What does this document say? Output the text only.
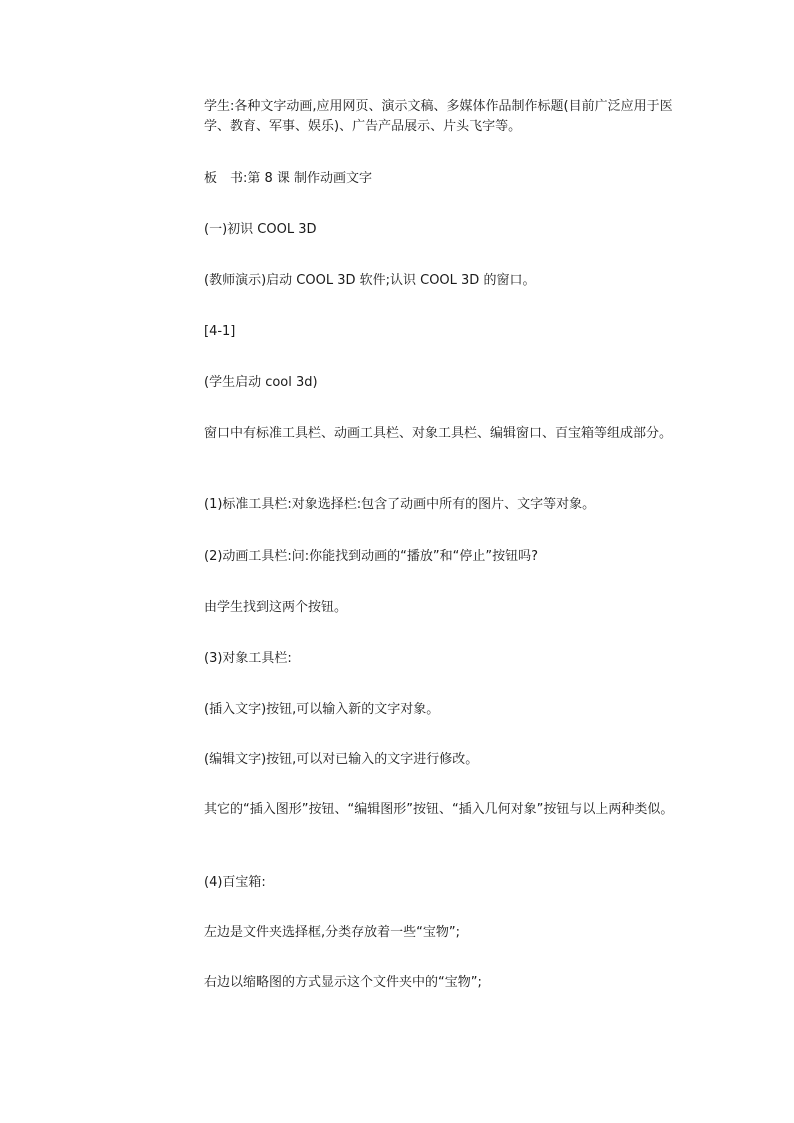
学生:各种文字动画,应用网页、演示文稿、多媒体作品制作标题(目前广泛应用于医学、教育、军事、娱乐)、广告产品展示、片头飞字等。

板　书:第 8 课 制作动画文字

(一)初识 COOL 3D

(教师演示)启动 COOL 3D 软件;认识 COOL 3D 的窗口。

[4-1]

(学生启动 cool 3d)

窗口中有标准工具栏、动画工具栏、对象工具栏、编辑窗口、百宝箱等组成部分。

(1)标准工具栏:对象选择栏:包含了动画中所有的图片、文字等对象。

(2)动画工具栏:问:你能找到动画的“播放”和“停止”按钮吗?

由学生找到这两个按钮。

(3)对象工具栏:

(插入文字)按钮,可以输入新的文字对象。

(编辑文字)按钮,可以对已输入的文字进行修改。

其它的“插入图形”按钮、“编辑图形”按钮、“插入几何对象”按钮与以上两种类似。

(4)百宝箱:

左边是文件夹选择框,分类存放着一些“宝物”;

右边以缩略图的方式显示这个文件夹中的“宝物”;
